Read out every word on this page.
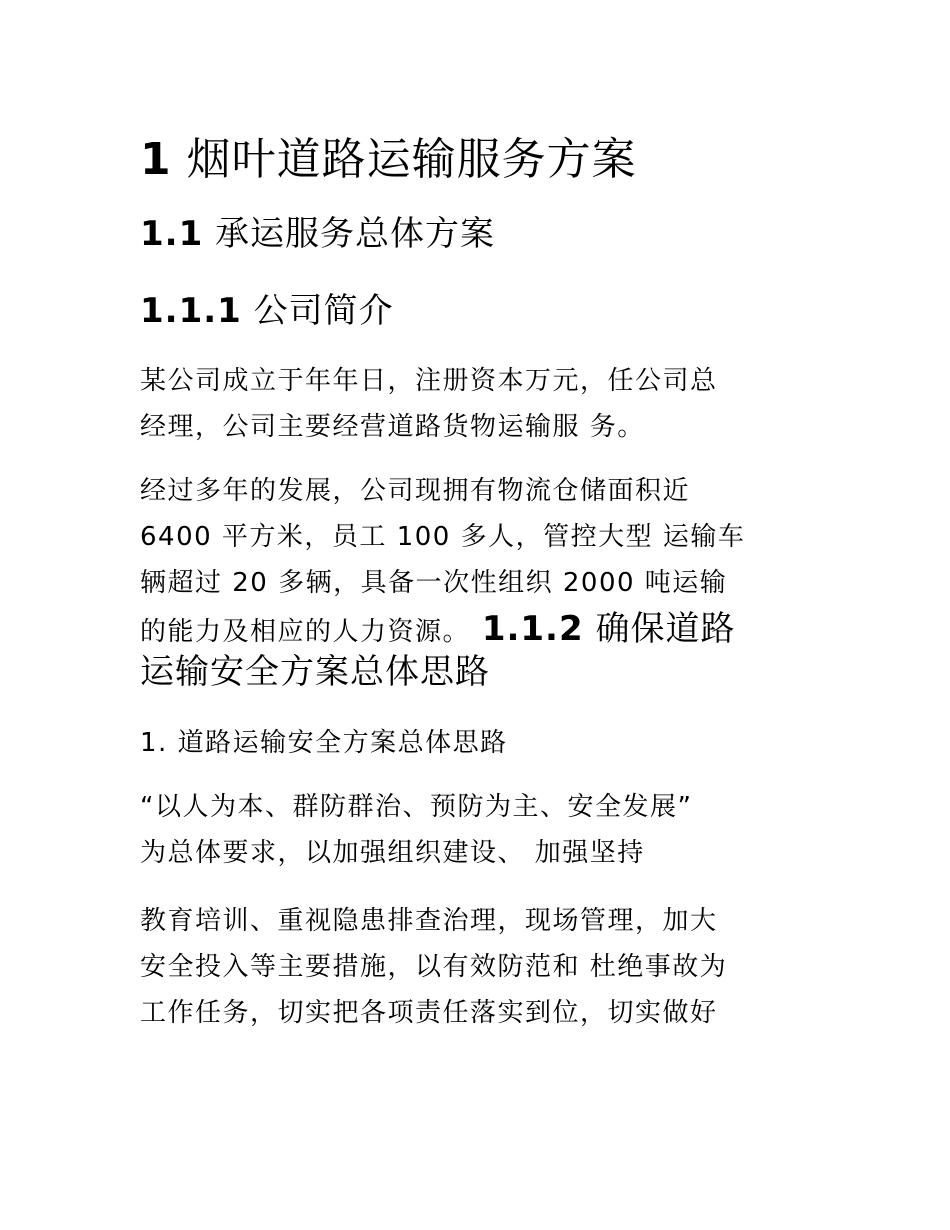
1 烟叶道路运输服务方案
1.1 承运服务总体方案
1.1.1 公司简介
某公司成立于年年日，注册资本万元，任公司总
经理，公司主要经营道路货物运输服 务。
经过多年的发展，公司现拥有物流仓储面积近
6400 平方米，员工 100 多人，管控大型 运输车
辆超过 20 多辆，具备一次性组织 2000 吨运输
的能力及相应的人力资源。 1.1.2 确保道路
运输安全方案总体思路
1. 道路运输安全方案总体思路
“以人为本、群防群治、预防为主、安全发展”
为总体要求，以加强组织建设、 加强坚持
教育培训、重视隐患排查治理，现场管理，加大
安全投入等主要措施，以有效防范和 杜绝事故为
工作任务，切实把各项责任落实到位，切实做好
